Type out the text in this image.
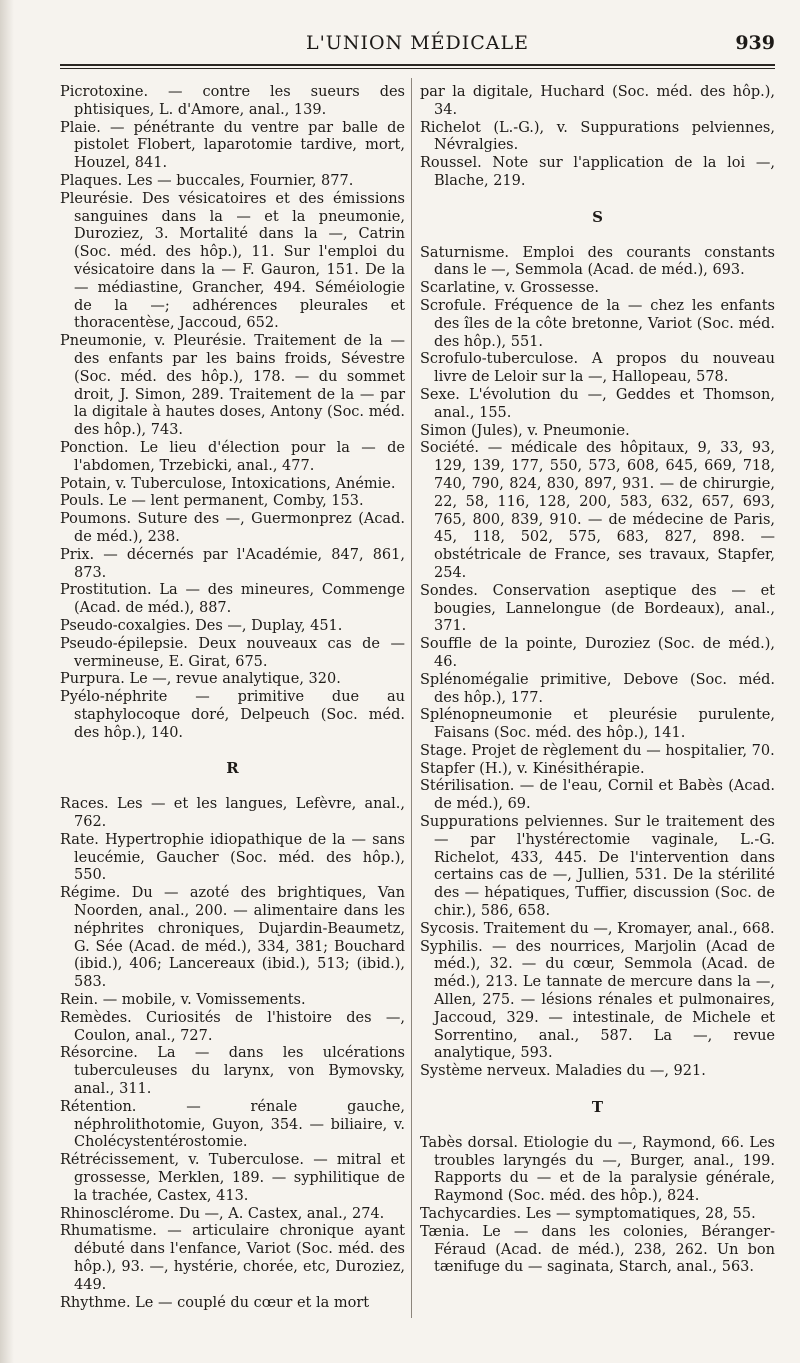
L'UNION MÉDICALE	939

Picrotoxine. — contre les sueurs des phtisiques, L. d'Amore, anal., 139.

Plaie. — pénétrante du ventre par balle de pistolet Flobert, laparotomie tardive, mort, Houzel, 841.

Plaques. Les — buccales, Fournier, 877.

Pleurésie. Des vésicatoires et des émissions sanguines dans la — et la pneumonie, Duroziez, 3. Mortalité dans la —, Catrin (Soc. méd. des hôp.), 11. Sur l'emploi du vésicatoire dans la — F. Gauron, 151. De la — médiastine, Grancher, 494. Séméiologie de la —; adhérences pleurales et thoracentèse, Jaccoud, 652.

Pneumonie, v. Pleurésie. Traitement de la — des enfants par les bains froids, Sévestre (Soc. méd. des hôp.), 178. — du sommet droit, J. Simon, 289. Traitement de la — par la digitale à hautes doses, Antony (Soc. méd. des hôp.), 743.

Ponction. Le lieu d'élection pour la — de l'abdomen, Trzebicki, anal., 477.

Potain, v. Tuberculose, Intoxications, Anémie.

Pouls. Le — lent permanent, Comby, 153.

Poumons. Suture des —, Guermonprez (Acad. de méd.), 238.

Prix. — décernés par l'Académie, 847, 861, 873.

Prostitution. La — des mineures, Commenge (Acad. de méd.), 887.

Pseudo-coxalgies. Des —, Duplay, 451.

Pseudo-épilepsie. Deux nouveaux cas de — vermineuse, E. Girat, 675.

Purpura. Le —, revue analytique, 320.

Pyélo-néphrite — primitive due au staphylocoque doré, Delpeuch (Soc. méd. des hôp.), 140.

R

Races. Les — et les langues, Lefèvre, anal., 762.

Rate. Hypertrophie idiopathique de la — sans leucémie, Gaucher (Soc. méd. des hôp.), 550.

Régime. Du — azoté des brightiques, Van Noorden, anal., 200. — alimentaire dans les néphrites chroniques, Dujardin-Beaumetz, G. Sée (Acad. de méd.), 334, 381; Bouchard (ibid.), 406; Lancereaux (ibid.), 513; (ibid.), 583.

Rein. — mobile, v. Vomissements.

Remèdes. Curiosités de l'histoire des —, Coulon, anal., 727.

Résorcine. La — dans les ulcérations tuberculeuses du larynx, von Bymovsky, anal., 311.

Rétention. — rénale gauche, néphrolithotomie, Guyon, 354. — biliaire, v. Cholécystentérostomie.

Rétrécissement, v. Tuberculose. — mitral et grossesse, Merklen, 189. — syphilitique de la trachée, Castex, 413.

Rhinosclérome. Du —, A. Castex, anal., 274.

Rhumatisme. — articulaire chronique ayant débuté dans l'enfance, Variot (Soc. méd. des hôp.), 93. —, hystérie, chorée, etc, Duroziez, 449.

Rhythme. Le — couplé du cœur et la mort

par la digitale, Huchard (Soc. méd. des hôp.), 34.

Richelot (L.-G.), v. Suppurations pelviennes, Névralgies.

Roussel. Note sur l'application de la loi —, Blache, 219.

S

Saturnisme. Emploi des courants constants dans le —, Semmola (Acad. de méd.), 693.

Scarlatine, v. Grossesse.

Scrofule. Fréquence de la — chez les enfants des îles de la côte bretonne, Variot (Soc. méd. des hôp.), 551.

Scrofulo-tuberculose. A propos du nouveau livre de Leloir sur la —, Hallopeau, 578.

Sexe. L'évolution du —, Geddes et Thomson, anal., 155.

Simon (Jules), v. Pneumonie.

Société. — médicale des hôpitaux, 9, 33, 93, 129, 139, 177, 550, 573, 608, 645, 669, 718, 740, 790, 824, 830, 897, 931. — de chirurgie, 22, 58, 116, 128, 200, 583, 632, 657, 693, 765, 800, 839, 910. — de médecine de Paris, 45, 118, 502, 575, 683, 827, 898. — obstétricale de France, ses travaux, Stapfer, 254.

Sondes. Conservation aseptique des — et bougies, Lannelongue (de Bordeaux), anal., 371.

Souffle de la pointe, Duroziez (Soc. de méd.), 46.

Splénomégalie primitive, Debove (Soc. méd. des hôp.), 177.

Splénopneumonie et pleurésie purulente, Faisans (Soc. méd. des hôp.), 141.

Stage. Projet de règlement du — hospitalier, 70.

Stapfer (H.), v. Kinésithérapie.

Stérilisation. — de l'eau, Cornil et Babès (Acad. de méd.), 69.

Suppurations pelviennes. Sur le traitement des — par l'hystérectomie vaginale, L.-G. Richelot, 433, 445. De l'intervention dans certains cas de —, Jullien, 531. De la stérilité des — hépatiques, Tuffier, discussion (Soc. de chir.), 586, 658.

Sycosis. Traitement du —, Kromayer, anal., 668.

Syphilis. — des nourrices, Marjolin (Acad de méd.), 32. — du cœur, Semmola (Acad. de méd.), 213. Le tannate de mercure dans la —, Allen, 275. — lésions rénales et pulmonaires, Jaccoud, 329. — intestinale, de Michele et Sorrentino, anal., 587. La —, revue analytique, 593.

Système nerveux. Maladies du —, 921.

T

Tabès dorsal. Etiologie du —, Raymond, 66. Les troubles laryngés du —, Burger, anal., 199. Rapports du — et de la paralysie générale, Raymond (Soc. méd. des hôp.), 824.

Tachycardies. Les — symptomatiques, 28, 55.

Tænia. Le — dans les colonies, Béranger-Féraud (Acad. de méd.), 238, 262. Un bon tænifuge du — saginata, Starch, anal., 563.
